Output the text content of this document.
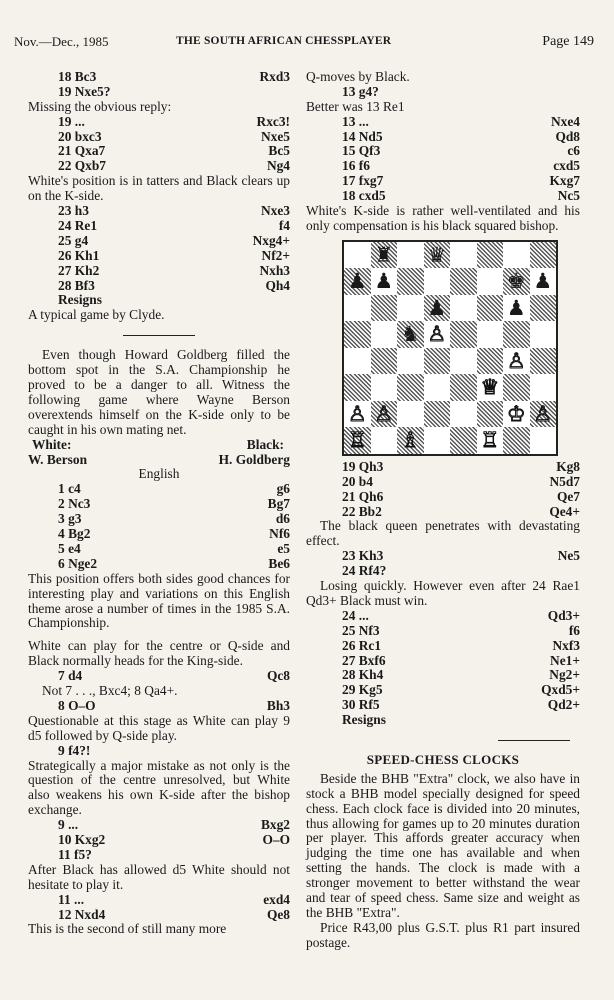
Nov.—Dec., 1985	THE SOUTH AFRICAN CHESSPLAYER	Page 149
18 Bc3	Rxd3
19 Nxe5?
Missing the obvious reply:
19 ...	Rxc3!
20 bxc3	Nxe5
21 Qxa7	Bc5
22 Qxb7	Ng4
White's position is in tatters and Black clears up on the K-side.
23 h3	Nxe3
24 Re1	f4
25 g4	Nxg4+
26 Kh1	Nf2+
27 Kh2	Nxh3
28 Bf3	Qh4
Resigns
A typical game by Clyde.
Even though Howard Goldberg filled the bottom spot in the S.A. Championship he proved to be a danger to all. Witness the following game where Wayne Berson overextends himself on the K-side only to be caught in his own mating net.
White:	Black:
W. Berson	H. Goldberg
English
1 c4	g6
2 Nc3	Bg7
3 g3	d6
4 Bg2	Nf6
5 e4	e5
6 Nge2	Be6
This position offers both sides good chances for interesting play and variations on this English theme arose a number of times in the 1985 S.A. Championship.
White can play for the centre or Q-side and Black normally heads for the King-side.
7 d4	Qc8
Not 7 . . ., Bxc4; 8 Qa4+.
8 O–O	Bh3
Questionable at this stage as White can play 9 d5 followed by Q-side play.
9 f4?!
Strategically a major mistake as not only is the question of the centre unresolved, but White also weakens his own K-side after the bishop exchange.
9 ...	Bxg2
10 Kxg2	O–O
11 f5?
After Black has allowed d5 White should not hesitate to play it.
11 ...	exd4
12 Nxd4	Qe8
This is the second of still many more
Q-moves by Black.
13 g4?
Better was 13 Re1
13 ...	Nxe4
14 Nd5	Qd8
15 Qf3	c6
16 f6	cxd5
17 fxg7	Kxg7
18 cxd5	Nc5
White's K-side is rather well-ventilated and his only compensation is his black squared bishop.
♜ ♛
♟ ♟	♚ ♟
♟	♟
♞ ♙
♙
♕
♙ ♙	♔ ♙
♖ ♗	♖
19 Qh3	Kg8
20 b4	N5d7
21 Qh6	Qe7
22 Bb2	Qe4+
The black queen penetrates with devastating effect.
23 Kh3	Ne5
24 Rf4?
Losing quickly. However even after 24 Rae1 Qd3+ Black must win.
24 ...	Qd3+
25 Nf3	f6
26 Rc1	Nxf3
27 Bxf6	Ne1+
28 Kh4	Ng2+
29 Kg5	Qxd5+
30 Rf5	Qd2+
Resigns
SPEED-CHESS CLOCKS
Beside the BHB "Extra" clock, we also have in stock a BHB model specially designed for speed chess. Each clock face is divided into 20 minutes, thus allowing for games up to 20 minutes duration per player. This affords greater accuracy when judging the time one has available and when setting the hands. The clock is made with a stronger movement to better withstand the wear and tear of speed chess. Same size and weight as the BHB "Extra".
Price R43,00 plus G.S.T. plus R1 part insured postage.
